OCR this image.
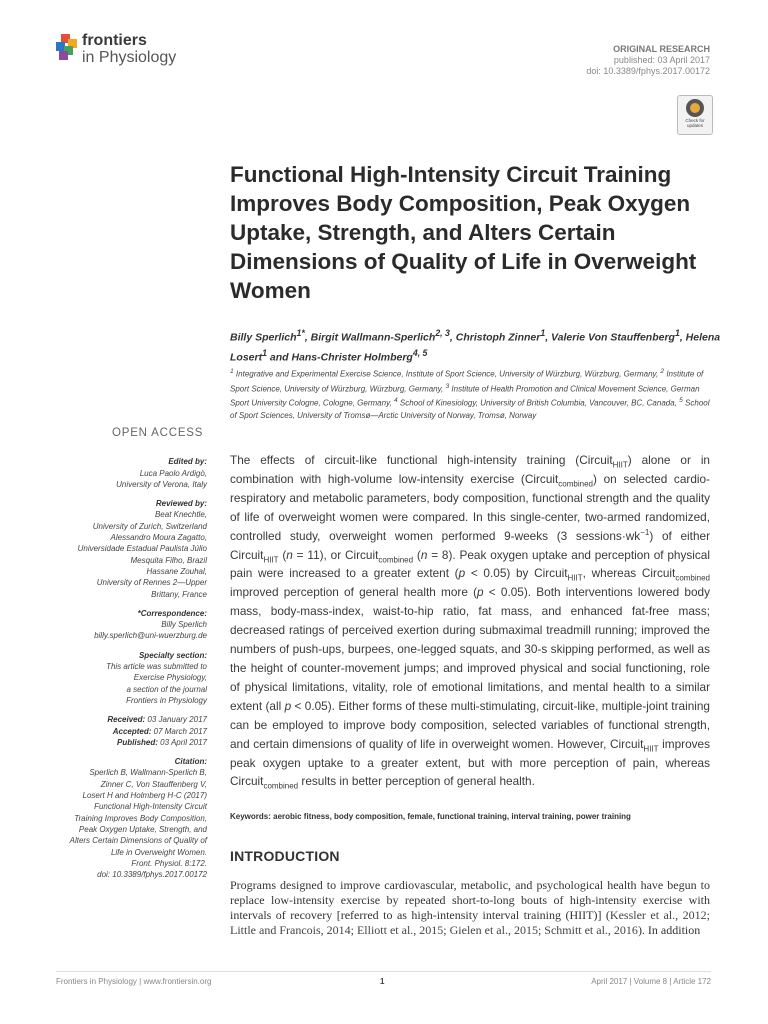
frontiers
in Physiology	ORIGINAL RESEARCH
published: 03 April 2017
doi: 10.3389/fphys.2017.00172
Check for
updates
Functional High-Intensity Circuit Training Improves Body Composition, Peak Oxygen Uptake, Strength, and Alters Certain Dimensions of Quality of Life in Overweight Women
Billy Sperlich$^{1*}$, Birgit Wallmann-Sperlich$^{2, 3}$, Christoph Zinner$^1$, Valerie Von Stauffenberg$^1$, Helena Losert$^1$ and Hans-Christer Holmberg$^{4, 5}$
$^1$ Integrative and Experimental Exercise Science, Institute of Sport Science, University of Würzburg, Würzburg, Germany, $^2$ Institute of Sport Science, University of Würzburg, Würzburg, Germany, $^3$ Institute of Health Promotion and Clinical Movement Science, German Sport University Cologne, Cologne, Germany, $^4$ School of Kinesiology, University of British Columbia, Vancouver, BC, Canada, $^5$ School of Sport Sciences, University of Tromsø—Arctic University of Norway, Tromsø, Norway
OPEN ACCESS
Edited by:
Luca Paolo Ardigò,
University of Verona, Italy
Reviewed by:
Beat Knechtle,
University of Zurich, Switzerland
Alessandro Moura Zagatto,
Universidade Estadual Paulista Júlio
Mesquita Filho, Brazil
Hassane Zouhal,
University of Rennes 2—Upper
Brittany, France
*Correspondence:
Billy Sperlich
billy.sperlich@uni-wuerzburg.de
Specialty section:
This article was submitted to
Exercise Physiology,
a section of the journal
Frontiers in Physiology
Received: 03 January 2017
Accepted: 07 March 2017
Published: 03 April 2017
Citation:
Sperlich B, Wallmann-Sperlich B,
Zinner C, Von Stauffenberg V,
Losert H and Holmberg H-C (2017)
Functional High-Intensity Circuit
Training Improves Body Composition,
Peak Oxygen Uptake, Strength, and
Alters Certain Dimensions of Quality of
Life in Overweight Women.
Front. Physiol. 8:172.
doi: 10.3389/fphys.2017.00172

The effects of circuit-like functional high-intensity training (Circuit$_{HIIT}$) alone or in combination with high-volume low-intensity exercise (Circuit$_{combined}$) on selected cardio-respiratory and metabolic parameters, body composition, functional strength and the quality of life of overweight women were compared. In this single-center, two-armed randomized, controlled study, overweight women performed 9-weeks (3 $sessions\cdot wk^{-1}$) of either Circuit$_{HIIT}$ (n = 11), or Circuit$_{combined}$ (n = 8). Peak oxygen uptake and perception of physical pain were increased to a greater extent (p < 0.05) by Circuit$_{HIIT}$, whereas Circuit$_{combined}$ improved perception of general health more (p < 0.05). Both interventions lowered body mass, body-mass-index, waist-to-hip ratio, fat mass, and enhanced fat-free mass; decreased ratings of perceived exertion during submaximal treadmill running; improved the numbers of push-ups, burpees, one-legged squats, and 30-s skipping performed, as well as the height of counter-movement jumps; and improved physical and social functioning, role of physical limitations, vitality, role of emotional limitations, and mental health to a similar extent (all p < 0.05). Either forms of these multi-stimulating, circuit-like, multiple-joint training can be employed to improve body composition, selected variables of functional strength, and certain dimensions of quality of life in overweight women. However, Circuit$_{HIIT}$ improves peak oxygen uptake to a greater extent, but with more perception of pain, whereas Circuit$_{combined}$ results in better perception of general health.

Keywords: aerobic fitness, body composition, female, functional training, interval training, power training
INTRODUCTION

Programs designed to improve cardiovascular, metabolic, and psychological health have begun to replace low-intensity exercise by repeated short-to-long bouts of high-intensity exercise with intervals of recovery [referred to as high-intensity interval training (HIIT)] (Kessler et al., 2012; Little and Francois, 2014; Elliott et al., 2015; Gielen et al., 2015; Schmitt et al., 2016). In addition

Frontiers in Physiology | www.frontiersin.org	1	April 2017 | Volume 8 | Article 172
